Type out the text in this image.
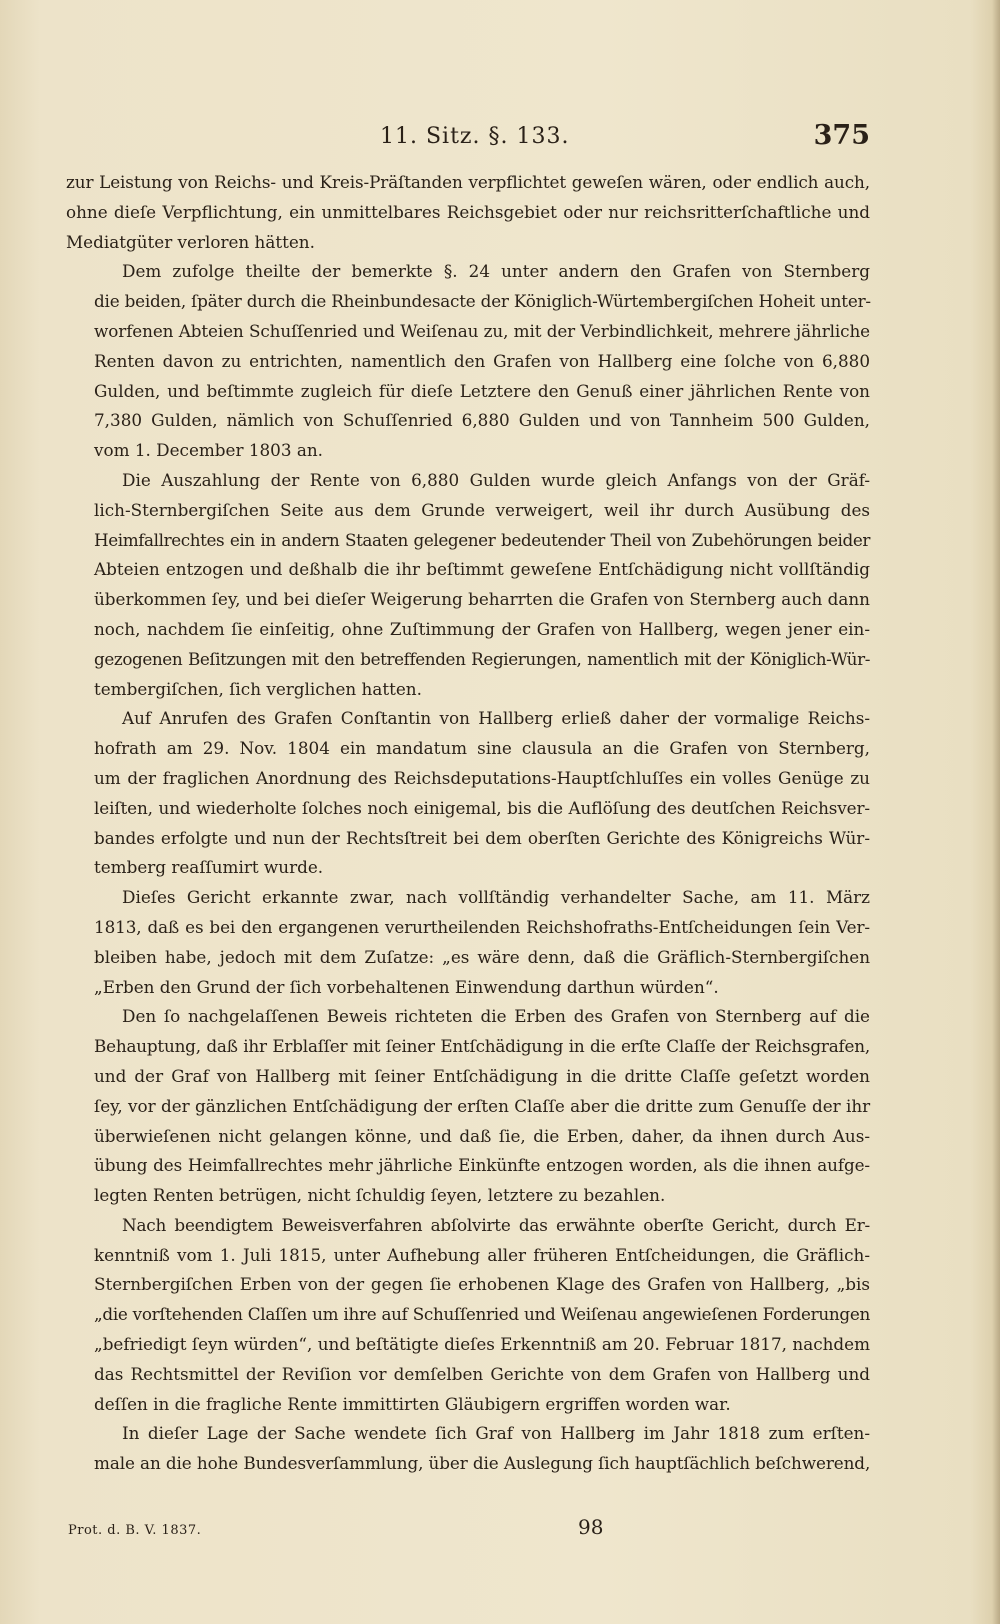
11. Sitz. §. 133.	375
zur Leistung von Reichs- und Kreis-Präſtanden verpflichtet geweſen wären, oder endlich auch,
ohne dieſe Verpflichtung, ein unmittelbares Reichsgebiet oder nur reichsritterſchaftliche und
Mediatgüter verloren hätten.
Dem zufolge theilte der bemerkte §. 24 unter andern den Grafen von Sternberg
die beiden, ſpäter durch die Rheinbundesacte der Königlich-Würtembergiſchen Hoheit unter-
worfenen Abteien Schuſſenried und Weiſenau zu, mit der Verbindlichkeit, mehrere jährliche
Renten davon zu entrichten, namentlich den Grafen von Hallberg eine ſolche von 6,880
Gulden, und beſtimmte zugleich für dieſe Letztere den Genuß einer jährlichen Rente von
7,380 Gulden, nämlich von Schuſſenried 6,880 Gulden und von Tannheim 500 Gulden,
vom 1. December 1803 an.
Die Auszahlung der Rente von 6,880 Gulden wurde gleich Anfangs von der Gräf-
lich-Sternbergiſchen Seite aus dem Grunde verweigert, weil ihr durch Ausübung des
Heimfallrechtes ein in andern Staaten gelegener bedeutender Theil von Zubehörungen beider
Abteien entzogen und deßhalb die ihr beſtimmt geweſene Entſchädigung nicht vollſtändig
überkommen ſey, und bei dieſer Weigerung beharrten die Grafen von Sternberg auch dann
noch, nachdem ſie einſeitig, ohne Zuſtimmung der Grafen von Hallberg, wegen jener ein-
gezogenen Beſitzungen mit den betreffenden Regierungen, namentlich mit der Königlich-Wür-
tembergiſchen, ſich verglichen hatten.
Auf Anrufen des Grafen Conſtantin von Hallberg erließ daher der vormalige Reichs-
hofrath am 29. Nov. 1804 ein mandatum sine clausula an die Grafen von Sternberg,
um der fraglichen Anordnung des Reichsdeputations-Hauptſchluſſes ein volles Genüge zu
leiſten, und wiederholte ſolches noch einigemal, bis die Auflöſung des deutſchen Reichsver-
bandes erfolgte und nun der Rechtsſtreit bei dem oberſten Gerichte des Königreichs Wür-
temberg reaſſumirt wurde.
Dieſes Gericht erkannte zwar, nach vollſtändig verhandelter Sache, am 11. März
1813, daß es bei den ergangenen verurtheilenden Reichshofraths-Entſcheidungen ſein Ver-
bleiben habe, jedoch mit dem Zuſatze: „es wäre denn, daß die Gräflich-Sternbergiſchen
„Erben den Grund der ſich vorbehaltenen Einwendung darthun würden“.
Den ſo nachgelaſſenen Beweis richteten die Erben des Grafen von Sternberg auf die
Behauptung, daß ihr Erblaſſer mit ſeiner Entſchädigung in die erſte Claſſe der Reichsgrafen,
und der Graf von Hallberg mit ſeiner Entſchädigung in die dritte Claſſe geſetzt worden
ſey, vor der gänzlichen Entſchädigung der erſten Claſſe aber die dritte zum Genuſſe der ihr
überwieſenen nicht gelangen könne, und daß ſie, die Erben, daher, da ihnen durch Aus-
übung des Heimfallrechtes mehr jährliche Einkünfte entzogen worden, als die ihnen aufge-
legten Renten betrügen, nicht ſchuldig ſeyen, letztere zu bezahlen.
Nach beendigtem Beweisverfahren abſolvirte das erwähnte oberſte Gericht, durch Er-
kenntniß vom 1. Juli 1815, unter Aufhebung aller früheren Entſcheidungen, die Gräflich-
Sternbergiſchen Erben von der gegen ſie erhobenen Klage des Grafen von Hallberg, „bis
„die vorſtehenden Claſſen um ihre auf Schuſſenried und Weiſenau angewieſenen Forderungen
„befriedigt ſeyn würden“, und beſtätigte dieſes Erkenntniß am 20. Februar 1817, nachdem
das Rechtsmittel der Reviſion vor demſelben Gerichte von dem Grafen von Hallberg und
deſſen in die fragliche Rente immittirten Gläubigern ergriffen worden war.
In dieſer Lage der Sache wendete ſich Graf von Hallberg im Jahr 1818 zum erſten-
male an die hohe Bundesverſammlung, über die Auslegung ſich hauptſächlich beſchwerend,
Prot. d. B. V. 1837.	98
